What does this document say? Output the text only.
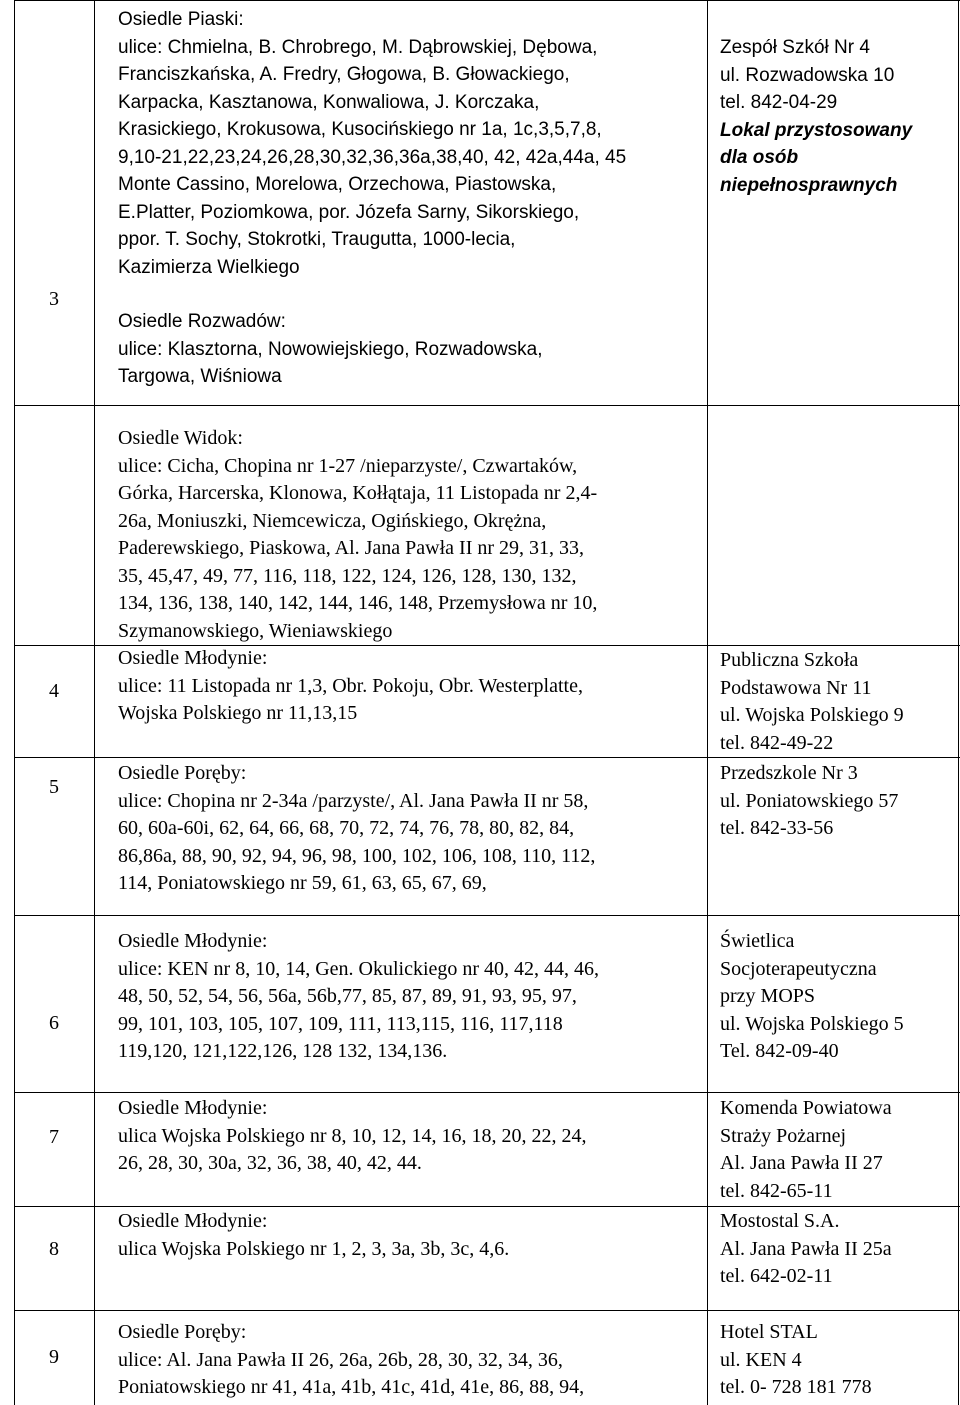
3
Osiedle Piaski:
ulice: Chmielna, B. Chrobrego, M. Dąbrowskiej, Dębowa,
Franciszkańska, A. Fredry, Głogowa, B. Głowackiego,
Karpacka, Kasztanowa, Konwaliowa, J. Korczaka,
Krasickiego, Krokusowa, Kusocińskiego nr 1a, 1c,3,5,7,8,
9,10-21,22,23,24,26,28,30,32,36,36a,38,40, 42, 42a,44a, 45
Monte Cassino, Morelowa, Orzechowa, Piastowska,
E.Platter, Poziomkowa, por. Józefa Sarny, Sikorskiego,
ppor. T. Sochy, Stokrotki, Traugutta, 1000-lecia,
Kazimierza Wielkiego
Osiedle Rozwadów:
ulice: Klasztorna, Nowowiejskiego, Rozwadowska,
Targowa, Wiśniowa
Zespół Szkół Nr 4
ul. Rozwadowska 10
tel. 842-04-29
Lokal przystosowany
dla osób
niepełnosprawnych
4
Osiedle Widok:
ulice: Cicha, Chopina nr 1-27 /nieparzyste/, Czwartaków,
Górka, Harcerska, Klonowa, Kołłątaja, 11 Listopada nr 2,4-
26a, Moniuszki, Niemcewicza, Ogińskiego, Okrężna,
Paderewskiego, Piaskowa, Al. Jana Pawła II nr 29, 31, 33,
35, 45,47, 49, 77, 116, 118, 122, 124, 126, 128, 130, 132,
134, 136, 138, 140, 142, 144, 146, 148, Przemysłowa nr 10,
Szymanowskiego, Wieniawskiego
Osiedle Młodynie:
ulice: 11 Listopada nr 1,3, Obr. Pokoju, Obr. Westerplatte,
Wojska Polskiego nr 11,13,15
Publiczna Szkoła
Podstawowa Nr 11
ul. Wojska Polskiego 9
tel. 842-49-22
5
Osiedle Poręby:
ulice: Chopina nr 2-34a /parzyste/, Al. Jana Pawła II nr 58,
60, 60a-60i, 62, 64, 66, 68, 70, 72, 74, 76, 78, 80, 82, 84,
86,86a, 88, 90, 92, 94, 96, 98, 100, 102, 106, 108, 110, 112,
114, Poniatowskiego nr 59, 61, 63, 65, 67, 69,
Przedszkole Nr 3
ul. Poniatowskiego 57
tel. 842-33-56
6
Osiedle Młodynie:
ulice: KEN nr 8, 10, 14, Gen. Okulickiego nr 40, 42, 44, 46,
48, 50, 52, 54, 56, 56a, 56b,77, 85, 87, 89, 91, 93, 95, 97,
99, 101, 103, 105, 107, 109, 111, 113,115, 116, 117,118
119,120, 121,122,126, 128 132, 134,136.
Świetlica
Socjoterapeutyczna
przy MOPS
ul. Wojska Polskiego 5
Tel. 842-09-40
7
Osiedle Młodynie:
ulica Wojska Polskiego nr 8, 10, 12, 14, 16, 18, 20, 22, 24,
26, 28, 30, 30a, 32, 36, 38, 40, 42, 44.
Komenda Powiatowa
Straży Pożarnej
Al. Jana Pawła II 27
tel. 842-65-11
8
Osiedle Młodynie:
ulica Wojska Polskiego nr 1, 2, 3, 3a, 3b, 3c, 4,6.
Mostostal S.A.
Al. Jana Pawła II 25a
tel. 642-02-11
9
Osiedle Poręby:
ulice: Al. Jana Pawła II 26, 26a, 26b, 28, 30, 32, 34, 36,
Poniatowskiego nr 41, 41a, 41b, 41c, 41d, 41e, 86, 88, 94,
Hotel STAL
ul. KEN 4
tel. 0- 728 181 778
